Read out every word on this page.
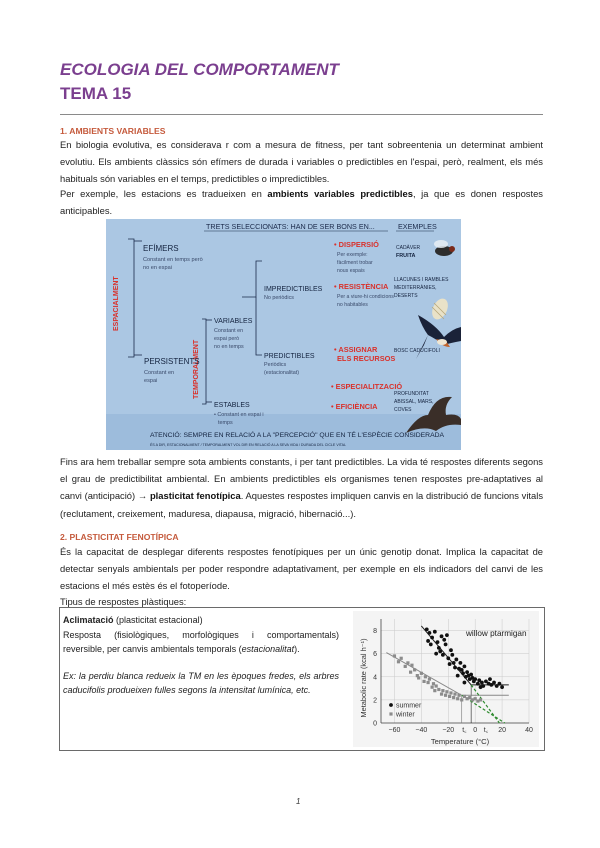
ECOLOGIA DEL COMPORTAMENT
TEMA 15
1. AMBIENTS VARIABLES
En biologia evolutiva, es considerava r com a mesura de fitness, per tant sobreentenia un determinat ambient evolutiu. Els ambients clàssics són efímers de durada i variables o predictibles en l'espai, però, realment, els més habituals són variables en el temps, predictibles o impredictibles.
Per exemple, les estacions es tradueixen en ambients variables predictibles, ja que es donen respostes anticipables.
TRETS SELECCIONATS: HAN DE SER BONS EN...	EXEMPLES
ESPACIALMENT
TEMPORALMENT
EFÍMERS
Constant en temps però
no en espai
PERSISTENTS
Constant en
espai
VARIABLES
Constant en
espai però
no en temps
ESTABLES
• Constant en espai i
temps
IMPREDICTIBLES
No periòdics
PREDICTIBLES
Periòdics
(estacionalitat)
• DISPERSIÓ
Per exemple:
fàcilment trobar
nous espais
• RESISTÈNCIA
Per a viure-hi condicions
no habitables
• ASSIGNAR
ELS RECURSOS
• ESPECIALITZACIÓ
• EFICIÈNCIA
CADÀVER
FRUITA
LLACUNES I RAMBLES
MEDITERRÀNIES,
DESERTS
BOSC CADUCIFOLI
PROFUNDITAT
ABISSAL, MARS,
COVES
ATENCIÓ: SEMPRE EN RELACIÓ A LA "PERCEPCIÓ" QUE EN TÉ L'ESPÈCIE CONSIDERADA
ÉS A DIR, ESTACIONALMENT / TEMPORALMENT VOL DIR EN RELACIÓ A LA SEVA VIDA / DURADA DEL CICLE VITAL
Fins ara hem treballar sempre sota ambients constants, i per tant predictibles. La vida té respostes diferents segons el grau de predictibilitat ambiental. En ambients predictibles els organismes tenen respostes pre-adaptatives al canvi (anticipació) → plasticitat fenotípica. Aquestes respostes impliquen canvis en la distribució de funcions vitals (reclutament, creixement, maduresa, diapausa, migració, hibernació...).
2. PLASTICITAT FENOTÍPICA
És la capacitat de desplegar diferents respostes fenotípiques per un únic genotip donat. Implica la capacitat de detectar senyals ambientals per poder respondre adaptativament, per exemple en els indicadors del canvi de les estacions el més estès és el fotoperíode.
Tipus de respostes plàstiques:
Aclimatació (plasticitat estacional)
Resposta (fisiològiques, morfològiques i comportamentals) reversible, per canvis ambientals temporals (estacionalitat).
Ex: la perdiu blanca redueix la TM en les èpoques fredes, els arbres caducifolis produeixen fulles segons la intensitat lumínica, etc.
0
2
4
6
8
−60 −40 −20 t꜀ 0 t꜀ 20	40
Metabolic rate (kcal h⁻¹)
Temperature (°C)
willow ptarmigan
summer
winter
1
